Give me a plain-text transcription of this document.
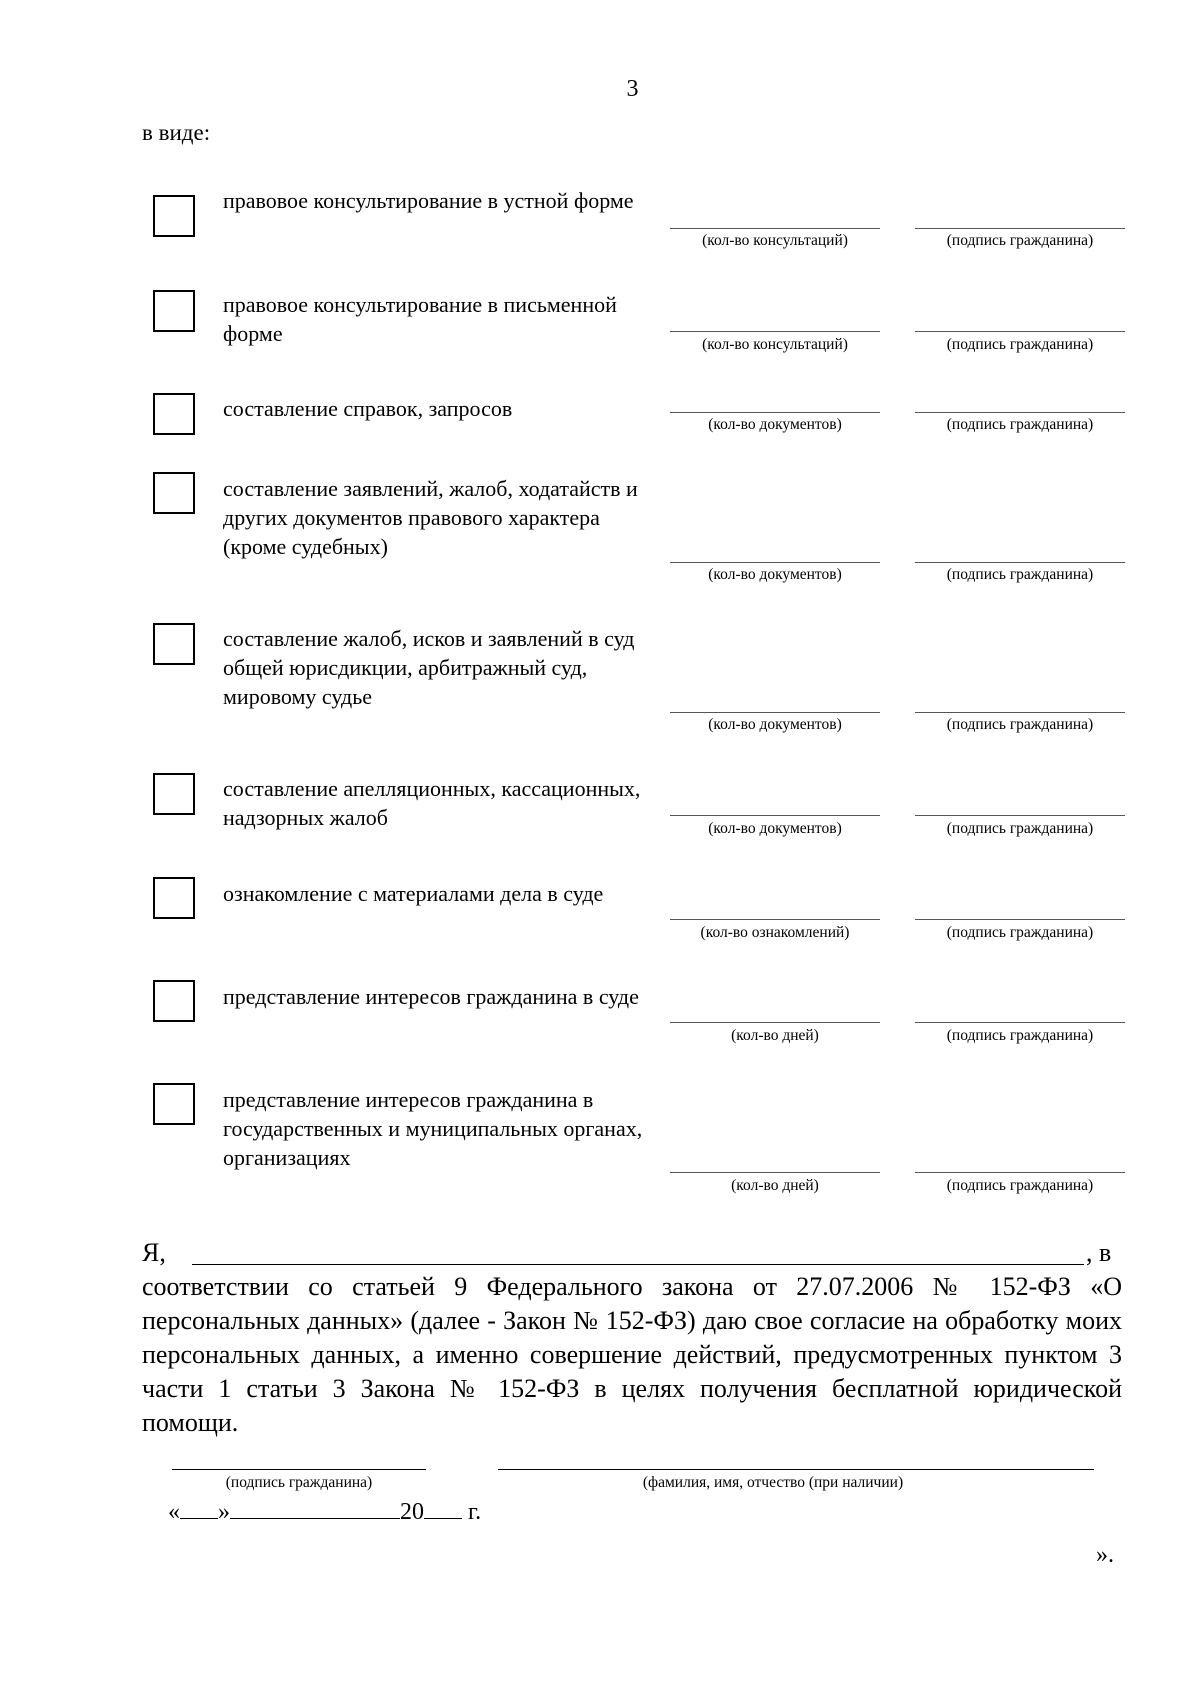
3
в виде:
правовое консультирование в устной форме
(кол-во консультаций)	(подпись гражданина)
правовое консультирование в письменной форме	(кол-во консультаций)	(подпись гражданина)
составление справок, запросов
(кол-во документов)	(подпись гражданина)
составление заявлений, жалоб, ходатайств и других документов правового характера (кроме судебных)
(кол-во документов)	(подпись гражданина)
составление жалоб, исков и заявлений в суд общей юрисдикции, арбитражный суд, мировому судье
(кол-во документов)	(подпись гражданина)
составление апелляционных, кассационных, надзорных жалоб	(кол-во документов)	(подпись гражданина)
ознакомление с материалами дела в суде
(кол-во ознакомлений)	(подпись гражданина)
представление интересов гражданина в суде
(кол-во дней)	(подпись гражданина)
представление интересов гражданина в государственных и муниципальных органах, организациях
(кол-во дней)	(подпись гражданина)
Я,	, в
соответствии со статьей 9 Федерального закона от 27.07.2006 № 152-ФЗ «О персональных данных» (далее - Закон № 152-ФЗ) даю свое согласие на обработку моих персональных данных, а именно совершение действий, предусмотренных пунктом 3 части 1 статьи 3 Закона № 152-ФЗ в целях получения бесплатной юридической помощи.
(подпись гражданина)	(фамилия, имя, отчество (при наличии)
« »	20 г.
».
